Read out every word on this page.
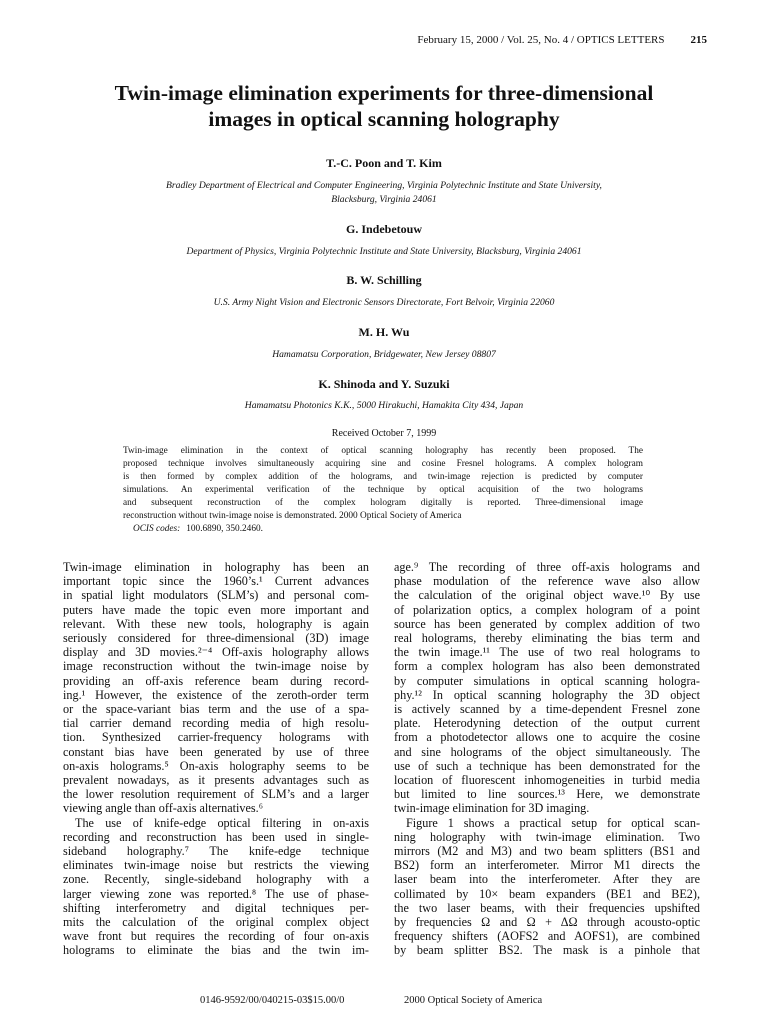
February 15, 2000 / Vol. 25, No. 4 / OPTICS LETTERS 215
Twin-image elimination experiments for three-dimensional
images in optical scanning holography
T.-C. Poon and T. Kim
Bradley Department of Electrical and Computer Engineering, Virginia Polytechnic Institute and State University,
Blacksburg, Virginia 24061
G. Indebetouw
Department of Physics, Virginia Polytechnic Institute and State University, Blacksburg, Virginia 24061
B. W. Schilling
U.S. Army Night Vision and Electronic Sensors Directorate, Fort Belvoir, Virginia 22060
M. H. Wu
Hamamatsu Corporation, Bridgewater, New Jersey 08807
K. Shinoda and Y. Suzuki
Hamamatsu Photonics K.K., 5000 Hirakuchi, Hamakita City 434, Japan
Received October 7, 1999
Twin-image elimination in the context of optical scanning holography has recently been proposed. The
proposed technique involves simultaneously acquiring sine and cosine Fresnel holograms. A complex hologram
is then formed by complex addition of the holograms, and twin-image rejection is predicted by computer
simulations. An experimental verification of the technique by optical acquisition of the two holograms
and subsequent reconstruction of the complex hologram digitally is reported. Three-dimensional image
reconstruction without twin-image noise is demonstrated. 2000 Optical Society of America
OCIS codes: 100.6890, 350.2460.
Twin-image elimination in holography has been an
important topic since the 1960’s.¹ Current advances
in spatial light modulators (SLM’s) and personal com-
puters have made the topic even more important and
relevant. With these new tools, holography is again
seriously considered for three-dimensional (3D) image
display and 3D movies.²⁻⁴ Off-axis holography allows
image reconstruction without the twin-image noise by
providing an off-axis reference beam during record-
ing.¹ However, the existence of the zeroth-order term
or the space-variant bias term and the use of a spa-
tial carrier demand recording media of high resolu-
tion. Synthesized carrier-frequency holograms with
constant bias have been generated by use of three
on-axis holograms.⁵ On-axis holography seems to be
prevalent nowadays, as it presents advantages such as
the lower resolution requirement of SLM’s and a larger
viewing angle than off-axis alternatives.⁶
The use of knife-edge optical filtering in on-axis
recording and reconstruction has been used in single-
sideband holography.⁷ The knife-edge technique
eliminates twin-image noise but restricts the viewing
zone. Recently, single-sideband holography with a
larger viewing zone was reported.⁸ The use of phase-
shifting interferometry and digital techniques per-
mits the calculation of the original complex object
wave front but requires the recording of four on-axis
holograms to eliminate the bias and the twin im-
age.⁹ The recording of three off-axis holograms and
phase modulation of the reference wave also allow
the calculation of the original object wave.¹⁰ By use
of polarization optics, a complex hologram of a point
source has been generated by complex addition of two
real holograms, thereby eliminating the bias term and
the twin image.¹¹ The use of two real holograms to
form a complex hologram has also been demonstrated
by computer simulations in optical scanning hologra-
phy.¹² In optical scanning holography the 3D object
is actively scanned by a time-dependent Fresnel zone
plate. Heterodyning detection of the output current
from a photodetector allows one to acquire the cosine
and sine holograms of the object simultaneously. The
use of such a technique has been demonstrated for the
location of fluorescent inhomogeneities in turbid media
but limited to line sources.¹³ Here, we demonstrate
twin-image elimination for 3D imaging.
Figure 1 shows a practical setup for optical scan-
ning holography with twin-image elimination. Two
mirrors (M2 and M3) and two beam splitters (BS1 and
BS2) form an interferometer. Mirror M1 directs the
laser beam into the interferometer. After they are
collimated by 10× beam expanders (BE1 and BE2),
the two laser beams, with their frequencies upshifted
by frequencies Ω and Ω + ΔΩ through acousto-optic
frequency shifters (AOFS2 and AOFS1), are combined
by beam splitter BS2. The mask is a pinhole that
0146-9592/00/040215-03$15.00/0	2000 Optical Society of America
